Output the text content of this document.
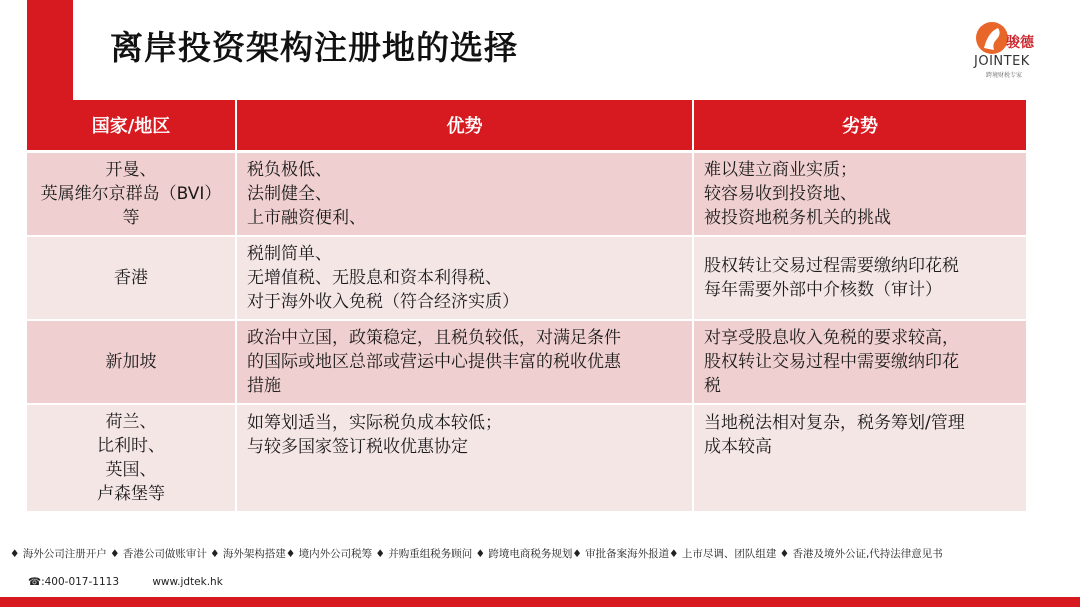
离岸投资架构注册地的选择	骏德
JOINTEK
跨境财税专家
国家/地区	优势	劣势

开曼、
英属维尔京群岛（BVI）
等	税负极低、
法制健全、
上市融资便利、	难以建立商业实质；
较容易收到投资地、
被投资地税务机关的挑战

香港	税制简单、
无增值税、无股息和资本利得税、
对于海外收入免税（符合经济实质）	股权转让交易过程需要缴纳印花税
每年需要外部中介核数（审计）

新加坡	政治中立国，政策稳定，且税负较低，对满足条件
的国际或地区总部或营运中心提供丰富的税收优惠
措施	对享受股息收入免税的要求较高，
股权转让交易过程中需要缴纳印花
税

荷兰、
比利时、
英国、
卢森堡等	如筹划适当，实际税负成本较低；
与较多国家签订税收优惠协定	当地税法相对复杂，税务筹划/管理
成本较高
♦ 海外公司注册开户 ♦ 香港公司做账审计 ♦ 海外架构搭建♦ 境内外公司税筹 ♦ 并购重组税务顾问 ♦ 跨境电商税务规划♦ 审批备案海外报道♦ 上市尽调、团队组建 ♦ 香港及境外公证,代持法律意见书
☎:400-017-1113	www.jdtek.hk
